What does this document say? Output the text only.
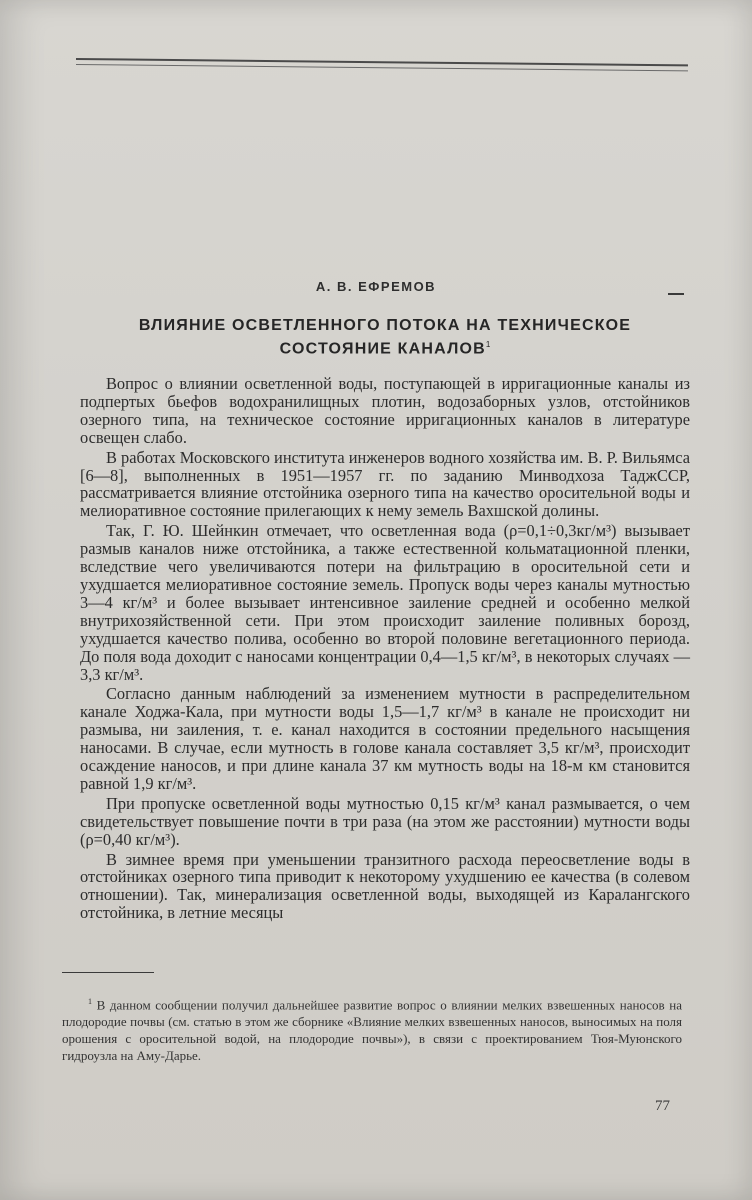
А. В. ЕФРЕМОВ
ВЛИЯНИЕ ОСВЕТЛЕННОГО ПОТОКА НА ТЕХНИЧЕСКОЕ
СОСТОЯНИЕ КАНАЛОВ$^1$

Вопрос о влиянии осветленной воды, поступающей в ирригационные каналы из подпертых бьефов водохранилищных плотин, водозаборных узлов, отстойников озерного типа, на техническое состояние ирригационных каналов в литературе освещен слабо.

В работах Московского института инженеров водного хозяйства им. В. Р. Вильямса [6—8], выполненных в 1951—1957 гг. по заданию Минводхоза ТаджССР, рассматривается влияние отстойника озерного типа на качество оросительной воды и мелиоративное состояние прилегающих к нему земель Вахшской долины.

Так, Г. Ю. Шейнкин отмечает, что осветленная вода (ρ=0,1÷0,3кг/м³) вызывает размыв каналов ниже отстойника, а также естественной кольматационной пленки, вследствие чего увеличиваются потери на фильтрацию в оросительной сети и ухудшается мелиоративное состояние земель. Пропуск воды через каналы мутностью 3—4 кг/м³ и более вызывает интенсивное заиление средней и особенно мелкой внутрихозяйственной сети. При этом происходит заиление поливных борозд, ухудшается качество полива, особенно во второй половине вегетационного периода. До поля вода доходит с наносами концентрации 0,4—1,5 кг/м³, в некоторых случаях — 3,3 кг/м³.

Согласно данным наблюдений за изменением мутности в распределительном канале Ходжа-Кала, при мутности воды 1,5—1,7 кг/м³ в канале не происходит ни размыва, ни заиления, т. е. канал находится в состоянии предельного насыщения наносами. В случае, если мутность в голове канала составляет 3,5 кг/м³, происходит осаждение наносов, и при длине канала 37 км мутность воды на 18-м км становится равной 1,9 кг/м³.

При пропуске осветленной воды мутностью 0,15 кг/м³ канал размывается, о чем свидетельствует повышение почти в три раза (на этом же расстоянии) мутности воды (ρ=0,40 кг/м³).

В зимнее время при уменьшении транзитного расхода переосветление воды в отстойниках озерного типа приводит к некоторому ухудшению ее качества (в солевом отношении). Так, минерализация осветленной воды, выходящей из Каралангского отстойника, в летние месяцы

$^1$ В данном сообщении получил дальнейшее развитие вопрос о влиянии мелких взвешенных наносов на плодородие почвы (см. статью в этом же сборнике «Влияние мелких взвешенных наносов, выносимых на поля орошения с оросительной водой, на плодородие почвы»), в связи с проектированием Тюя-Муюнского гидроузла на Аму-Дарье.
77
